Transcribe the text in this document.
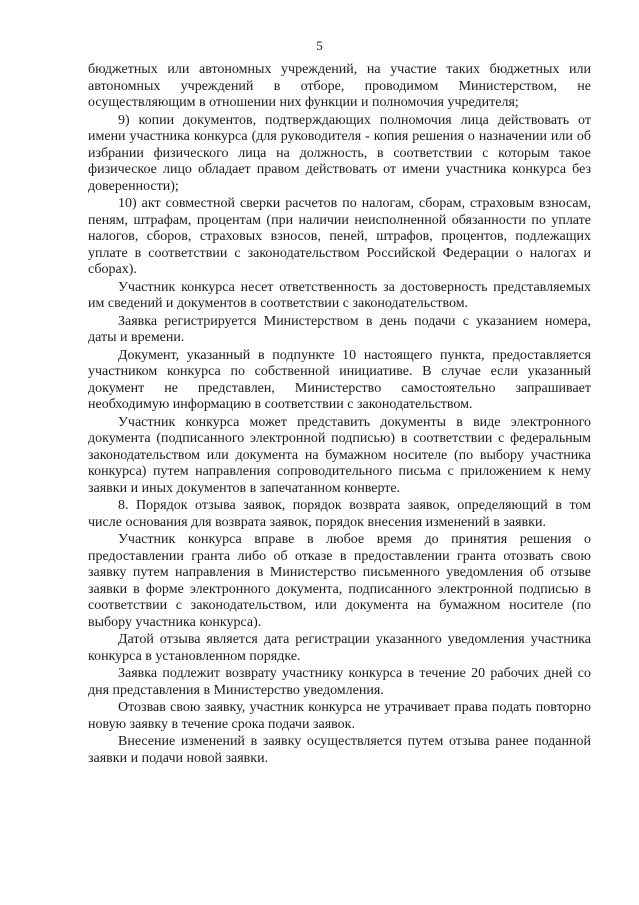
5

бюджетных или автономных учреждений, на участие таких бюджетных или автономных учреждений в отборе, проводимом Министерством, не осуществляющим в отношении них функции и полномочия учредителя;

9) копии документов, подтверждающих полномочия лица действовать от имени участника конкурса (для руководителя - копия решения о назначении или об избрании физического лица на должность, в соответствии с которым такое физическое лицо обладает правом действовать от имени участника конкурса без доверенности);

10) акт совместной сверки расчетов по налогам, сборам, страховым взносам, пеням, штрафам, процентам (при наличии неисполненной обязанности по уплате налогов, сборов, страховых взносов, пеней, штрафов, процентов, подлежащих уплате в соответствии с законодательством Российской Федерации о налогах и сборах).

Участник конкурса несет ответственность за достоверность представляемых им сведений и документов в соответствии с законодательством.

Заявка регистрируется Министерством в день подачи с указанием номера, даты и времени.

Документ, указанный в подпункте 10 настоящего пункта, предоставляется участником конкурса по собственной инициативе. В случае если указанный документ не представлен, Министерство самостоятельно запрашивает необходимую информацию в соответствии с законодательством.

Участник конкурса может представить документы в виде электронного документа (подписанного электронной подписью) в соответствии с федеральным законодательством или документа на бумажном носителе (по выбору участника конкурса) путем направления сопроводительного письма с приложением к нему заявки и иных документов в запечатанном конверте.

8. Порядок отзыва заявок, порядок возврата заявок, определяющий в том числе основания для возврата заявок, порядок внесения изменений в заявки.

Участник конкурса вправе в любое время до принятия решения о предоставлении гранта либо об отказе в предоставлении гранта отозвать свою заявку путем направления в Министерство письменного уведомления об отзыве заявки в форме электронного документа, подписанного электронной подписью в соответствии с законодательством, или документа на бумажном носителе (по выбору участника конкурса).

Датой отзыва является дата регистрации указанного уведомления участника конкурса в установленном порядке.

Заявка подлежит возврату участнику конкурса в течение 20 рабочих дней со дня представления в Министерство уведомления.

Отозвав свою заявку, участник конкурса не утрачивает права подать повторно новую заявку в течение срока подачи заявок.

Внесение изменений в заявку осуществляется путем отзыва ранее поданной заявки и подачи новой заявки.
